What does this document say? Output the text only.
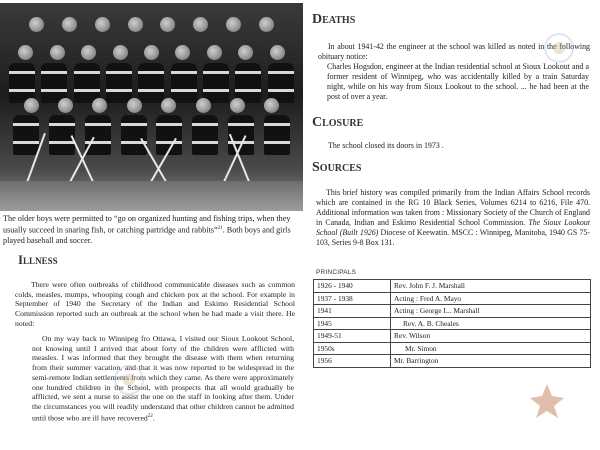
The older boys were permitted to “go on organized hunting and fishing trips, when they usually succeed in snaring fish, or catching partridge and rabbits”$^{21}$. Both boys and girls played baseball and soccer.
Illness

There were often outbreaks of childhood communicable diseases such as common colds, measles, mumps, whooping cough and chicken pox at the school. For example in September of 1940 the Secretary of the Indian and Eskimo Residential School Commission reported such an outbreak at the school when he had made a visit there. He noted:

On my way back to Winnipeg fro Ottawa, I visited our Sioux Lookout School, not knowing until I arrived that about forty of the children were afflicted with measles. I was informed that they brought the disease with them when returning from their summer vacation, and that it was now reported to be widespread in the semi-remote Indian settlements from which they came. As there were approximately one hundred children in the School, with prospects that all would gradually be afflicted, we sent a nurse to assist the one on the staff in looking after them. Under the circumstances you will readily understand that other children cannot be admitted until those who are ill have recovered$^{22}$.

Deaths

In about 1941-42 the engineer at the school was killed as noted in the following obituary notice:

Charles Hogsdon, engineer at the Indian residential school at Sioux Lookout and a former resident of Winnipeg, who was accidentally killed by a train Saturday night, while on his way from Sioux Lookout to the school. ... he had been at the post of over a year.

Closure

The school closed its doors in 1973 .

Sources

This brief history was compiled primarily from the Indian Affairs School records which are contained in the RG 10 Black Series, Volumes 6214 to 6216, File 470. Additional information was taken from : Missionary Society of the Church of England in Canada, Indian and Eskimo Residential School Commission. The Sioux Lookout School (Built 1926) Diocese of Keewatin. MSCC : Winnipeg, Manitoba, 1940 GS 75-103, Series 9-8 Box 131.

PRINCIPALS
1926 - 1940	Rev. John F. J. Marshall
1937 - 1938	Acting : Fred A. Mayo
1941	Acting : George L.. Marshall
1945	Rev. A. B. Cheales
1949-51	Rev. Wilson
1950s	Mr. Simon
1956	Mr. Barrington
